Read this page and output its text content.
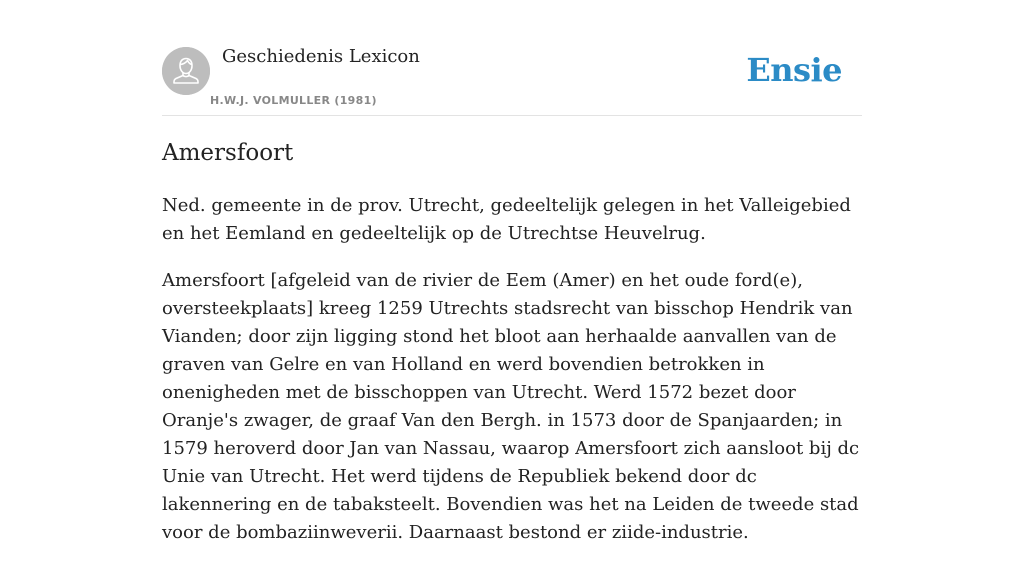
Geschiedenis Lexicon
H.W.J. VOLMULLER (1981)
Ensie
Amersfoort

Ned. gemeente in de prov. Utrecht, gedeeltelijk gelegen in het Valleigebied en het Eemland en gedeeltelijk op de Utrechtse Heuvelrug.

Amersfoort [afgeleid van de rivier de Eem (Amer) en het oude ford(e), oversteekplaats] kreeg 1259 Utrechts stadsrecht van bisschop Hendrik van Vianden; door zijn ligging stond het bloot aan herhaalde aanvallen van de graven van Gelre en van Holland en werd bovendien betrokken in onenigheden met de bisschoppen van Utrecht. Werd 1572 bezet door Oranje's zwager, de graaf Van den Bergh. in 1573 door de Spanjaarden; in 1579 heroverd door Jan van Nassau, waarop Amersfoort zich aansloot bij dc Unie van Utrecht. Het werd tijdens de Republiek bekend door dc lakennering en de tabaksteelt. Bovendien was het na Leiden de tweede stad voor de bombaziinweverii. Daarnaast bestond er ziide-industrie.
